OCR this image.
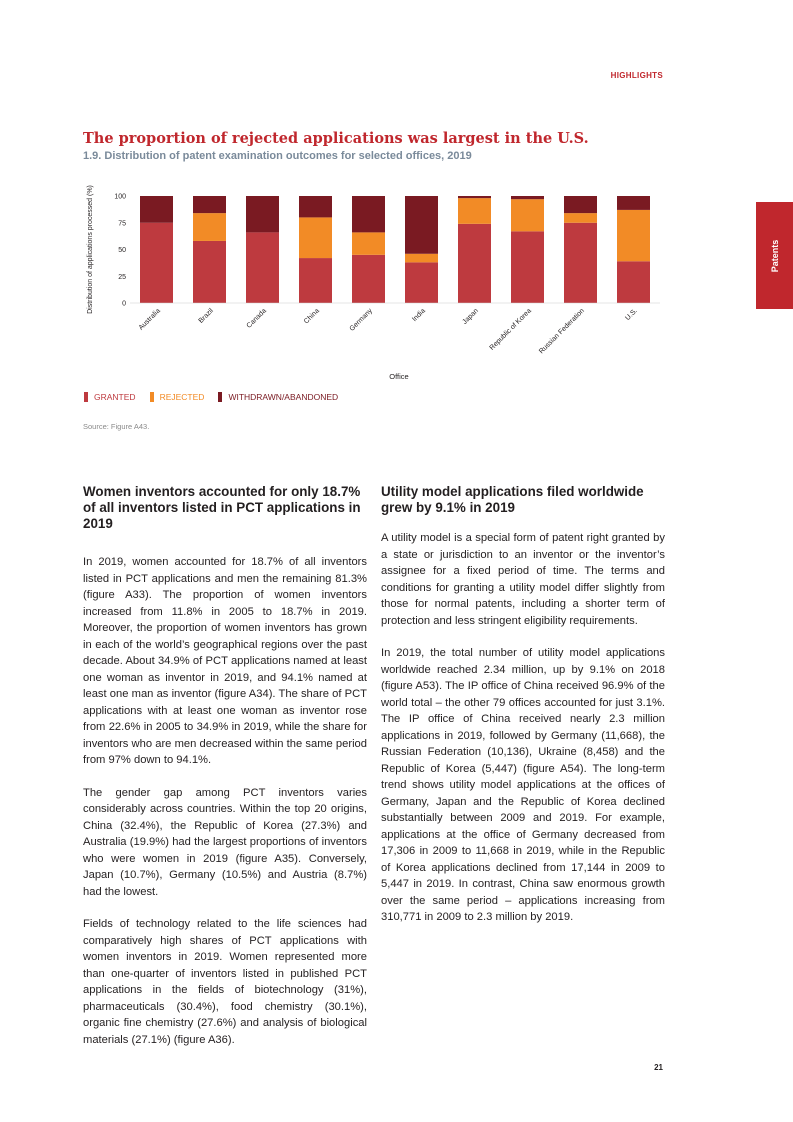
HIGHLIGHTS
Patents
The proportion of rejected applications was largest in the U.S.
1.9. Distribution of patent examination outcomes for selected offices, 2019
0
25
50
75
100
Distribution of applications processed (%)
Australia	Brazil	Canada	China	Germany	India	Japan Republic of Korea Russian Federation	U.S.
Office
GRANTED	REJECTED	WITHDRAWN/ABANDONED
Source: Figure A43.
Women inventors accounted for only 18.7% of all inventors listed in PCT applications in 2019

In 2019, women accounted for 18.7% of all inventors listed in PCT applications and men the remaining 81.3% (figure A33). The proportion of women inventors increased from 11.8% in 2005 to 18.7% in 2019. Moreover, the proportion of women inventors has grown in each of the world’s geographical regions over the past decade. About 34.9% of PCT applications named at least one woman as inventor in 2019, and 94.1% named at least one man as inventor (figure A34). The share of PCT applications with at least one woman as inventor rose from 22.6% in 2005 to 34.9% in 2019, while the share for inventors who are men decreased within the same period from 97% down to 94.1%.

The gender gap among PCT inventors varies considerably across countries. Within the top 20 origins, China (32.4%), the Republic of Korea (27.3%) and Australia (19.9%) had the largest proportions of inventors who were women in 2019 (figure A35). Conversely, Japan (10.7%), Germany (10.5%) and Austria (8.7%) had the lowest.

Fields of technology related to the life sciences had comparatively high shares of PCT applications with women inventors in 2019. Women represented more than one-quarter of inventors listed in published PCT applications in the fields of biotechnology (31%), pharmaceuticals (30.4%), food chemistry (30.1%), organic fine chemistry (27.6%) and analysis of biological materials (27.1%) (figure A36).

Utility model applications filed worldwide grew by 9.1% in 2019

A utility model is a special form of patent right granted by a state or jurisdiction to an inventor or the inventor’s assignee for a fixed period of time. The terms and conditions for granting a utility model differ slightly from those for normal patents, including a shorter term of protection and less stringent eligibility requirements.

In 2019, the total number of utility model applications worldwide reached 2.34 million, up by 9.1% on 2018 (figure A53). The IP office of China received 96.9% of the world total – the other 79 offices accounted for just 3.1%. The IP office of China received nearly 2.3 million applications in 2019, followed by Germany (11,668), the Russian Federation (10,136), Ukraine (8,458) and the Republic of Korea (5,447) (figure A54). The long-term trend shows utility model applications at the offices of Germany, Japan and the Republic of Korea declined substantially between 2009 and 2019. For example, applications at the office of Germany decreased from 17,306 in 2009 to 11,668 in 2019, while in the Republic of Korea applications declined from 17,144 in 2009 to 5,447 in 2019. In contrast, China saw enormous growth over the same period – applications increasing from 310,771 in 2009 to 2.3 million by 2019.

21
